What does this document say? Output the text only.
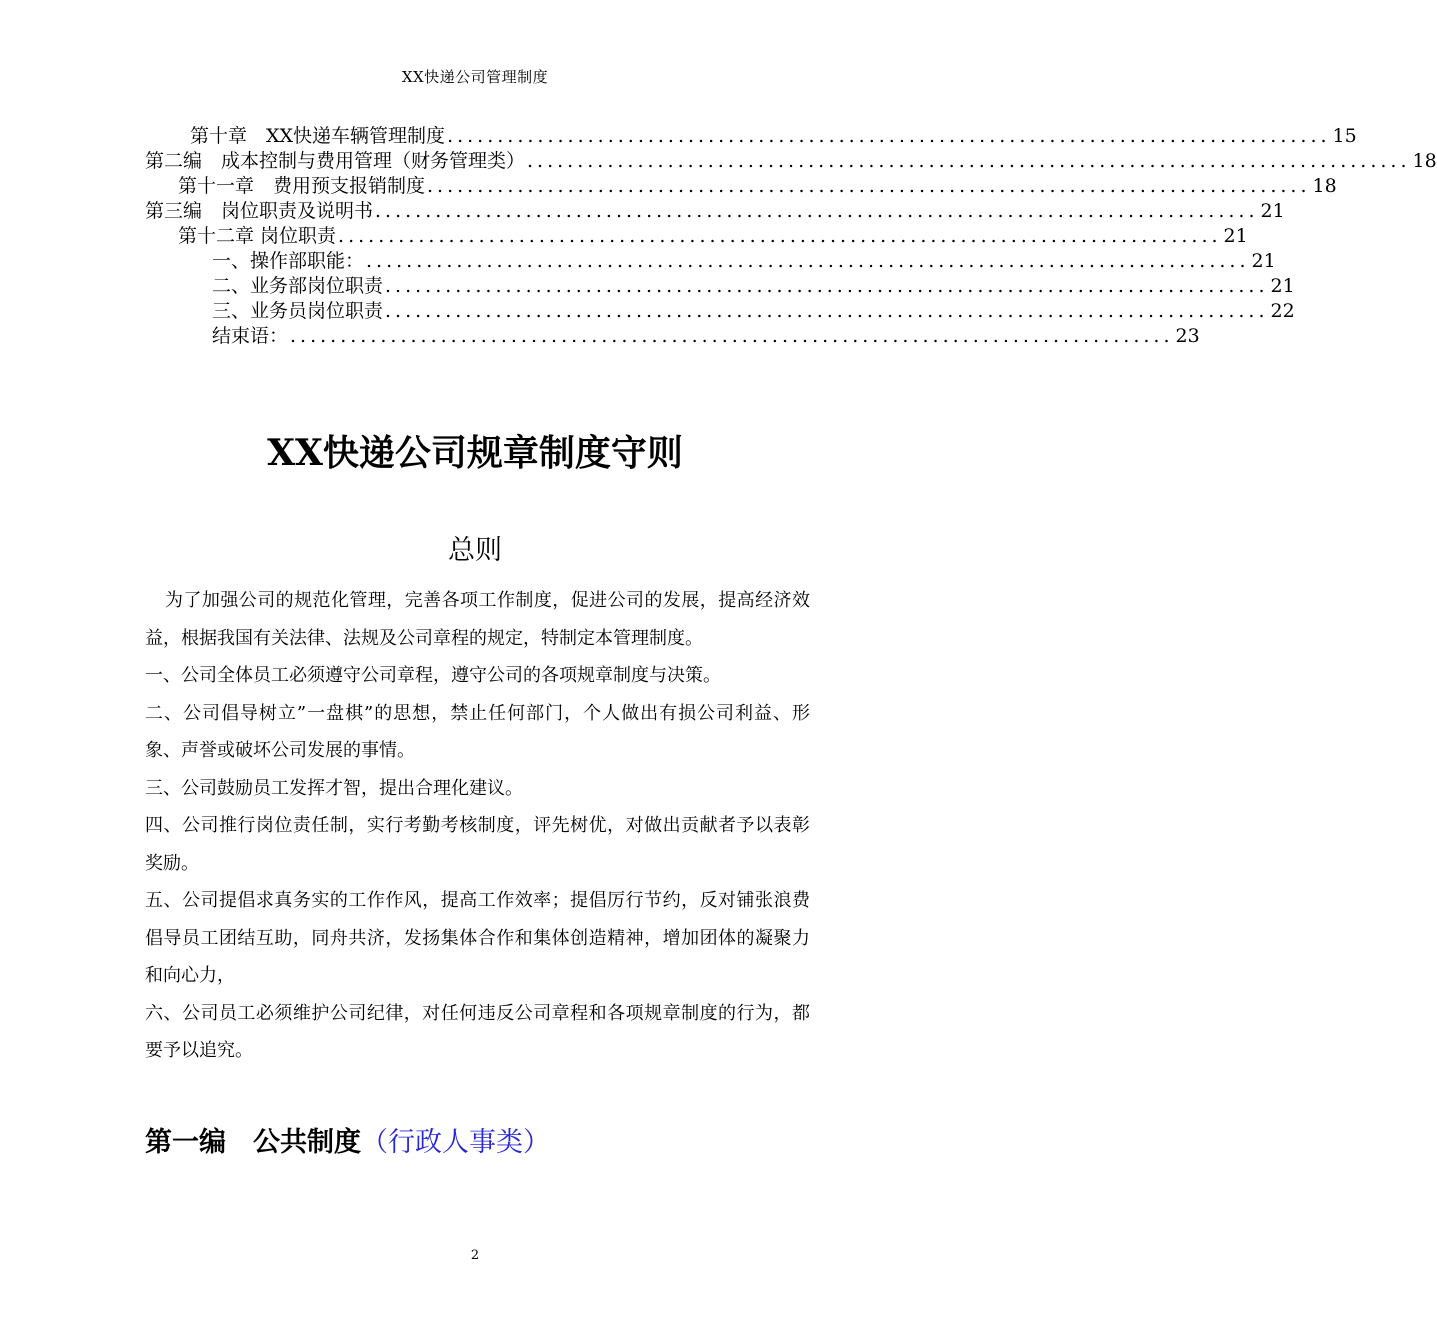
XX快递公司管理制度
第十章　XX快递车辆管理制度 ........................................................................................ 15
第二编　成本控制与费用管理（财务管理类） ........................................................................................ 18
第十一章　费用预支报销制度 ........................................................................................ 18
第三编　岗位职责及说明书 ........................................................................................ 21
第十二章 岗位职责 ........................................................................................ 21
一、操作部职能： ........................................................................................ 21
二、业务部岗位职责 ........................................................................................ 21
三、业务员岗位职责 ........................................................................................ 22
结束语： ........................................................................................ 23
XX快递公司规章制度守则
总则

为了加强公司的规范化管理，完善各项工作制度，促进公司的发展，提高经济效益，根据我国有关法律、法规及公司章程的规定，特制定本管理制度。

一、公司全体员工必须遵守公司章程，遵守公司的各项规章制度与决策。

二、公司倡导树立”一盘棋”的思想，禁止任何部门，个人做出有损公司利益、形象、声誉或破坏公司发展的事情。

三、公司鼓励员工发挥才智，提出合理化建议。

四、公司推行岗位责任制，实行考勤考核制度，评先树优，对做出贡献者予以表彰奖励。

五、公司提倡求真务实的工作作风，提高工作效率；提倡厉行节约，反对铺张浪费倡导员工团结互助，同舟共济，发扬集体合作和集体创造精神，增加团体的凝聚力和向心力，

六、公司员工必须维护公司纪律，对任何违反公司章程和各项规章制度的行为，都要予以追究。

第一编　公共制度（行政人事类）
2
